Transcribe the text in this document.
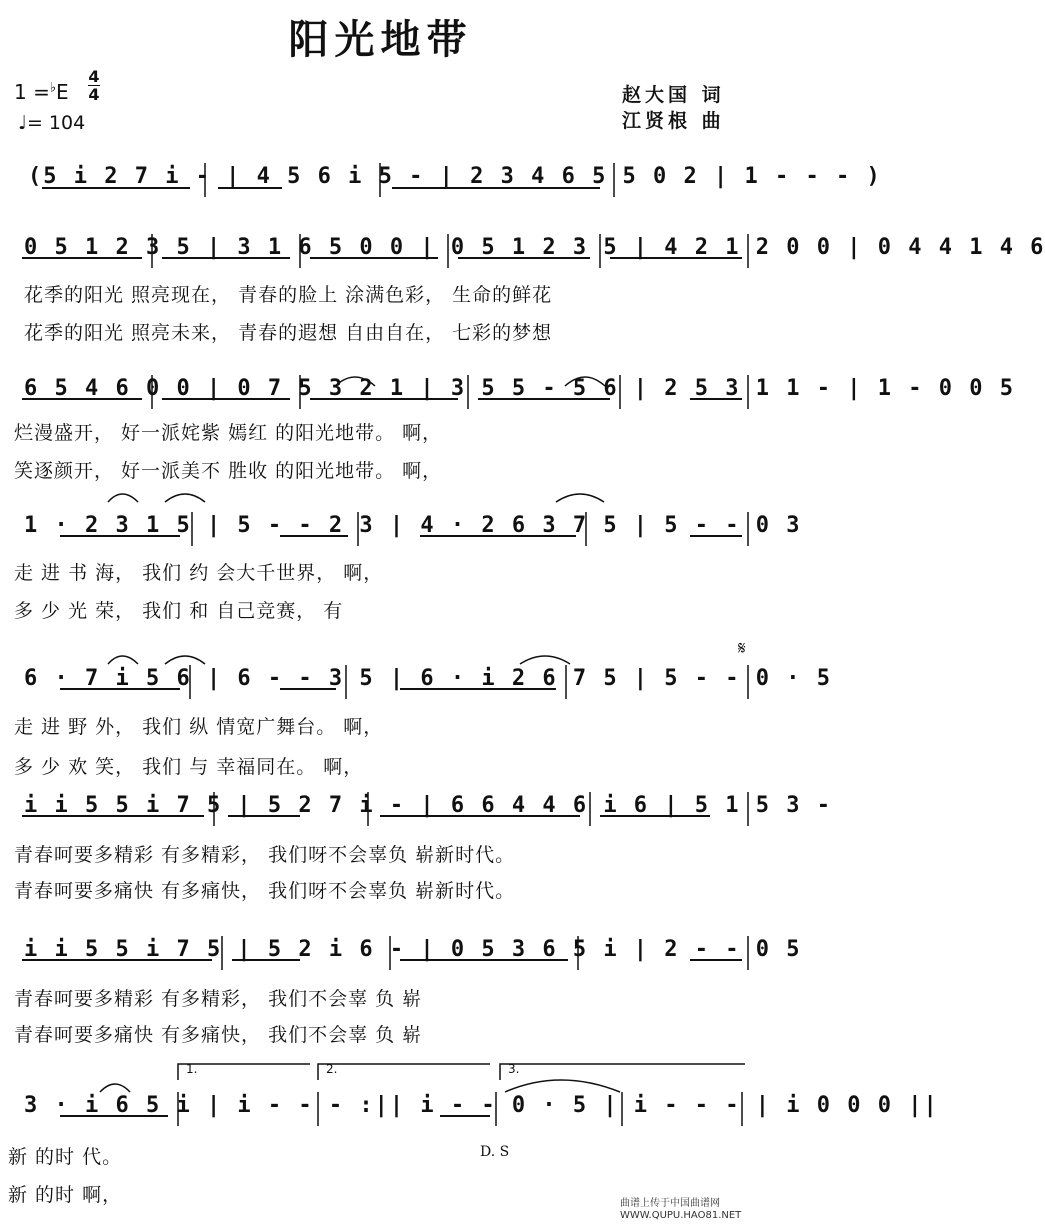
阳光地带
1 =♭E
4
4
♩= 104
赵大国 词
江贤根 曲
(5 i 2 7 i - | 4 5 6 i 5 - | 2 3 4 6 5 5 0 2 | 1 - - - )
0 5 1 2 3 5 | 3 1 6 5 0 0 | 0 5 1 2 3 5 | 4 2 1 2 0 0 | 0 4 4 1 4 6
花季的阳光 照亮现在， 青春的脸上 涂满色彩， 生命的鲜花
花季的阳光 照亮未来， 青春的遐想 自由自在， 七彩的梦想
6 5 4 6 0 0 | 0 7 5 3 2 1 | 3 5 5 - 5 6 | 2 5 3 1 1 - | 1 - 0 0 5
烂漫盛开， 好一派姹紫 嫣红 的阳光地带。 啊，
笑逐颜开， 好一派美不 胜收 的阳光地带。 啊，
1 · 2 3 1 5 | 5 - - 2 3 | 4 · 2 6 3 7 5 | 5 - - 0 3
走 进 书 海， 我们 约 会大千世界， 啊，
多 少 光 荣， 我们 和 自己竞赛， 有
𝄋
6 · 7 i 5 6 | 6 - - 3 5 | 6 · i 2 6 7 5 | 5 - - 0 · 5
走 进 野 外， 我们 纵 情宽广舞台。 啊，
多 少 欢 笑， 我们 与 幸福同在。 啊，
i i 5 5 i 7 5 | 5 2 7 i - | 6 6 4 4 6 i 6 | 5 1 5 3 -
青春呵要多精彩 有多精彩， 我们呀不会辜负 崭新时代。
青春呵要多痛快 有多痛快， 我们呀不会辜负 崭新时代。
i i 5 5 i 7 5 | 5 2 i 6 - | 0 5 3 6 5 i | 2 - - 0 5
青春呵要多精彩 有多精彩， 我们不会辜 负 崭
青春呵要多痛快 有多痛快， 我们不会辜 负 崭
1.	2.	3.
3 · i 6 5 i | i - - - :|| i - - 0 · 5 | i - - - | i 0 0 0 ||
新 的时 代。	D. S
新 的时 啊，	曲谱上传于中国曲谱网
WWW.QUPU.HAO81.NET
